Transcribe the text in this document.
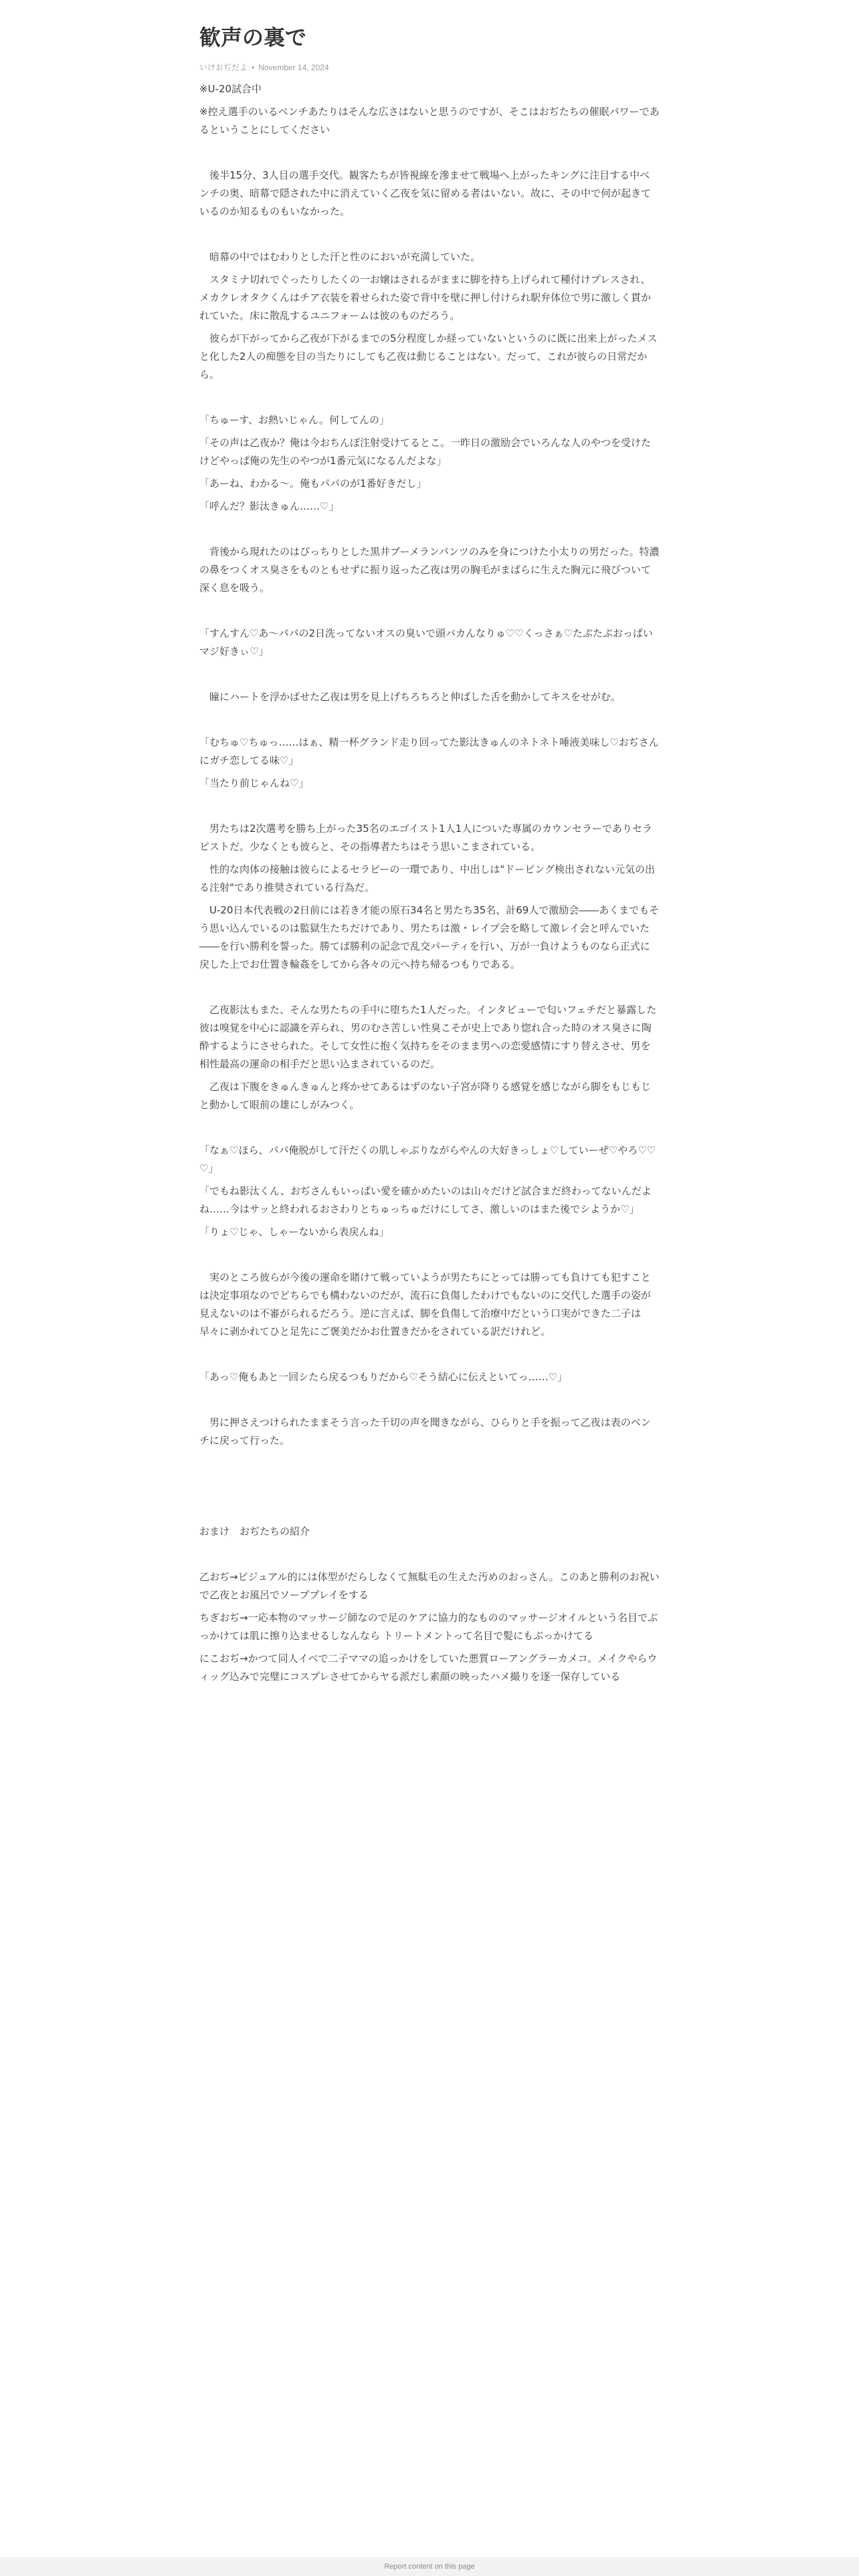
歓声の裏で
いけおぢだよ • November 14, 2024

※U-20試合中

※控え選手のいるベンチあたりはそんな広さはないと思うのですが、そこはおぢたちの催眠パワーであるということにしてください

　後半15分、3人目の選手交代。観客たちが皆視線を滲ませて戦場へ上がったキングに注目する中ベンチの奥、暗幕で隠された中に消えていく乙夜を気に留める者はいない。故に、その中で何が起きているのか知るものもいなかった。

　暗幕の中ではむわりとした汗と性のにおいが充満していた。

　スタミナ切れでぐったりしたくの一お嬢はされるがままに脚を持ち上げられて種付けプレスされ、メカクレオタクくんはチア衣装を着せられた姿で背中を壁に押し付けられ駅弁体位で男に激しく貫かれていた。床に散乱するユニフォームは彼のものだろう。

　彼らが下がってから乙夜が下がるまでの5分程度しか経っていないというのに既に出来上がったメスと化した2人の痴態を目の当たりにしても乙夜は動じることはない。だって、これが彼らの日常だから。

「ちゅーす、お熱いじゃん。何してんの」

「その声は乙夜か？俺は今おちんぽ注射受けてるとこ。一昨日の激励会でいろんな人のやつを受けたけどやっぱ俺の先生のやつが1番元気になるんだよな」

「あーね、わかる〜。俺もパパのが1番好きだし」

「呼んだ？影汰きゅん……♡」

　背後から現れたのはぴっちりとした黒井ブーメランパンツのみを身につけた小太りの男だった。特濃の鼻をつくオス臭さをものともせずに振り返った乙夜は男の胸毛がまばらに生えた胸元に飛びついて深く息を吸う。

「すんすん♡あ〜パパの2日洗ってないオスの臭いで頭バカんなりゅ♡♡くっさぁ♡たぷたぷおっぱいマジ好きぃ♡」

　瞳にハートを浮かばせた乙夜は男を見上げちろちろと伸ばした舌を動かしてキスをせがむ。

「むちゅ♡ちゅっ……はぁ、精一杯グランド走り回ってた影汰きゅんのネトネト唾液美味し♡おぢさんにガチ恋してる味♡」

「当たり前じゃんね♡」

　男たちは2次選考を勝ち上がった35名のエゴイスト1人1人についた専属のカウンセラーでありセラピストだ。少なくとも彼らと、その指導者たちはそう思いこまされている。

　性的な肉体の接触は彼らによるセラピーの一環であり、中出しは"ドーピング検出されない元気の出る注射"であり推奨されている行為だ。

　U-20日本代表戦の2日前には若き才能の原石34名と男たち35名、計69人で激励会――あくまでもそう思い込んでいるのは監獄生たちだけであり、男たちは激・レイプ会を略して激レイ会と呼んでいた――を行い勝利を誓った。勝てば勝利の記念で乱交パーティを行い、万が一負けようものなら正式に戻した上でお仕置き輪姦をしてから各々の元へ持ち帰るつもりである。

　乙夜影汰もまた、そんな男たちの手中に堕ちた1人だった。インタビューで匂いフェチだと暴露した彼は嗅覚を中心に認識を弄られ、男のむさ苦しい性臭こそが史上であり惚れ合った時のオス臭さに陶酔するようにさせられた。そして女性に抱く気持ちをそのまま男への恋愛感情にすり替えさせ、男を相性最高の運命の相手だと思い込まされているのだ。

　乙夜は下腹をきゅんきゅんと疼かせてあるはずのない子宮が降りる感覚を感じながら脚をもじもじと動かして眼前の雄にしがみつく。

「なぁ♡ほら、パパ俺脱がして汗だくの肌しゃぶりながらやんの大好きっしょ♡していーぜ♡やろ♡♡♡」

「でもね影汰くん、おぢさんもいっぱい愛を確かめたいのは山々だけど試合まだ終わってないんだよね……今はサッと終われるおさわりとちゅっちゅだけにしてさ、激しいのはまた後でシようか♡」

「りょ♡じゃ、しゃーないから表戻んね」

　実のところ彼らが今後の運命を賭けて戦っていようが男たちにとっては勝っても負けても犯すことは決定事項なのでどちらでも構わないのだが、流石に負傷したわけでもないのに交代した選手の姿が見えないのは不審がられるだろう。逆に言えば、脚を負傷して治療中だという口実ができた二子は早々に剥かれてひと足先にご褒美だかお仕置きだかをされている訳だけれど。

「あっ♡俺もあと一回シたら戻るつもりだから♡そう結心に伝えといてっ……♡」

　男に押さえつけられたままそう言った千切の声を聞きながら、ひらりと手を振って乙夜は表のベンチに戻って行った。

おまけ　おぢたちの紹介

乙おぢ→ビジュアル的には体型がだらしなくて無駄毛の生えた汚めのおっさん。このあと勝利のお祝いで乙夜とお風呂でソーププレイをする

ちぎおぢ→一応本物のマッサージ師なので足のケアに協力的なもののマッサージオイルという名目でぶっかけては肌に擦り込ませるしなんなら トリートメントって名目で髪にもぶっかけてる

にこおぢ→かつて同人イベで二子ママの追っかけをしていた悪質ローアングラーカメコ。メイクやらウィッグ込みで完璧にコスプレさせてからヤる派だし素顔の映ったハメ撮りを逐一保存している

Report content on this page
